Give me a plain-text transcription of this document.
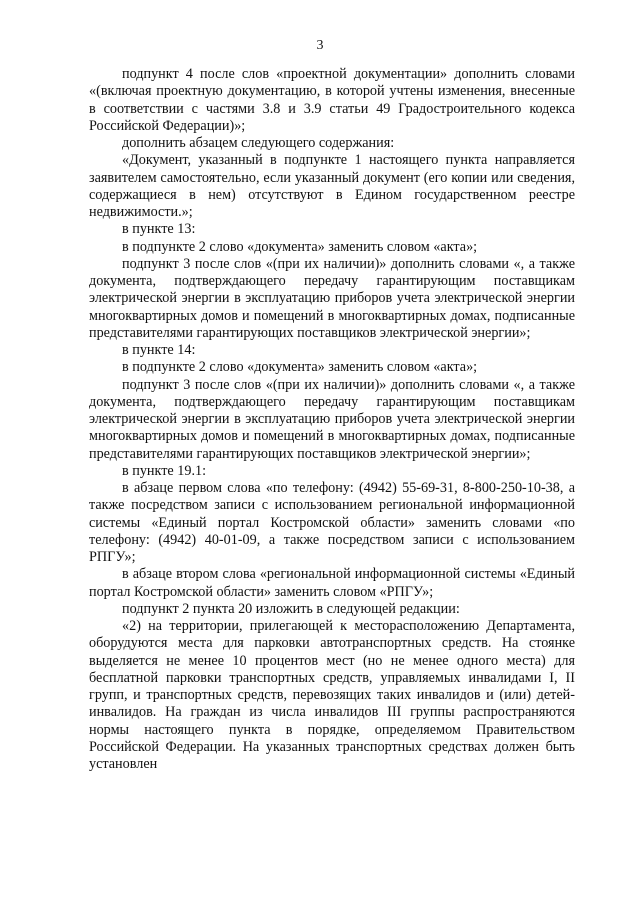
3

подпункт 4 после слов «проектной документации» дополнить словами «(включая проектную документацию, в которой учтены изменения, внесенные в соответствии с частями 3.8 и 3.9 статьи 49 Градостроительного кодекса Российской Федерации)»;

дополнить абзацем следующего содержания:

«Документ, указанный в подпункте 1 настоящего пункта направляется заявителем самостоятельно, если указанный документ (его копии или сведения, содержащиеся в нем) отсутствуют в Едином государственном реестре недвижимости.»;

в пункте 13:

в подпункте 2 слово «документа» заменить словом «акта»;

подпункт 3 после слов «(при их наличии)» дополнить словами «, а также документа, подтверждающего передачу гарантирующим поставщикам электрической энергии в эксплуатацию приборов учета электрической энергии многоквартирных домов и помещений в многоквартирных домах, подписанные представителями гарантирующих поставщиков электрической энергии»;

в пункте 14:

в подпункте 2 слово «документа» заменить словом «акта»;

подпункт 3 после слов «(при их наличии)» дополнить словами «, а также документа, подтверждающего передачу гарантирующим поставщикам электрической энергии в эксплуатацию приборов учета электрической энергии многоквартирных домов и помещений в многоквартирных домах, подписанные представителями гарантирующих поставщиков электрической энергии»;

в пункте 19.1:

в абзаце первом слова «по телефону: (4942) 55-69-31, 8-800-250-10-38, а также посредством записи с использованием региональной информационной системы «Единый портал Костромской области» заменить словами «по телефону: (4942) 40-01-09, а также посредством записи с использованием РПГУ»;

в абзаце втором слова «региональной информационной системы «Единый портал Костромской области» заменить словом «РПГУ»;

подпункт 2 пункта 20 изложить в следующей редакции:

«2) на территории, прилегающей к месторасположению Департамента, оборудуются места для парковки автотранспортных средств. На стоянке выделяется не менее 10 процентов мест (но не менее одного места) для бесплатной парковки транспортных средств, управляемых инвалидами I, II групп, и транспортных средств, перевозящих таких инвалидов и (или) детей-инвалидов. На граждан из числа инвалидов III группы распространяются нормы настоящего пункта в порядке, определяемом Правительством Российской Федерации. На указанных транспортных средствах должен быть установлен
